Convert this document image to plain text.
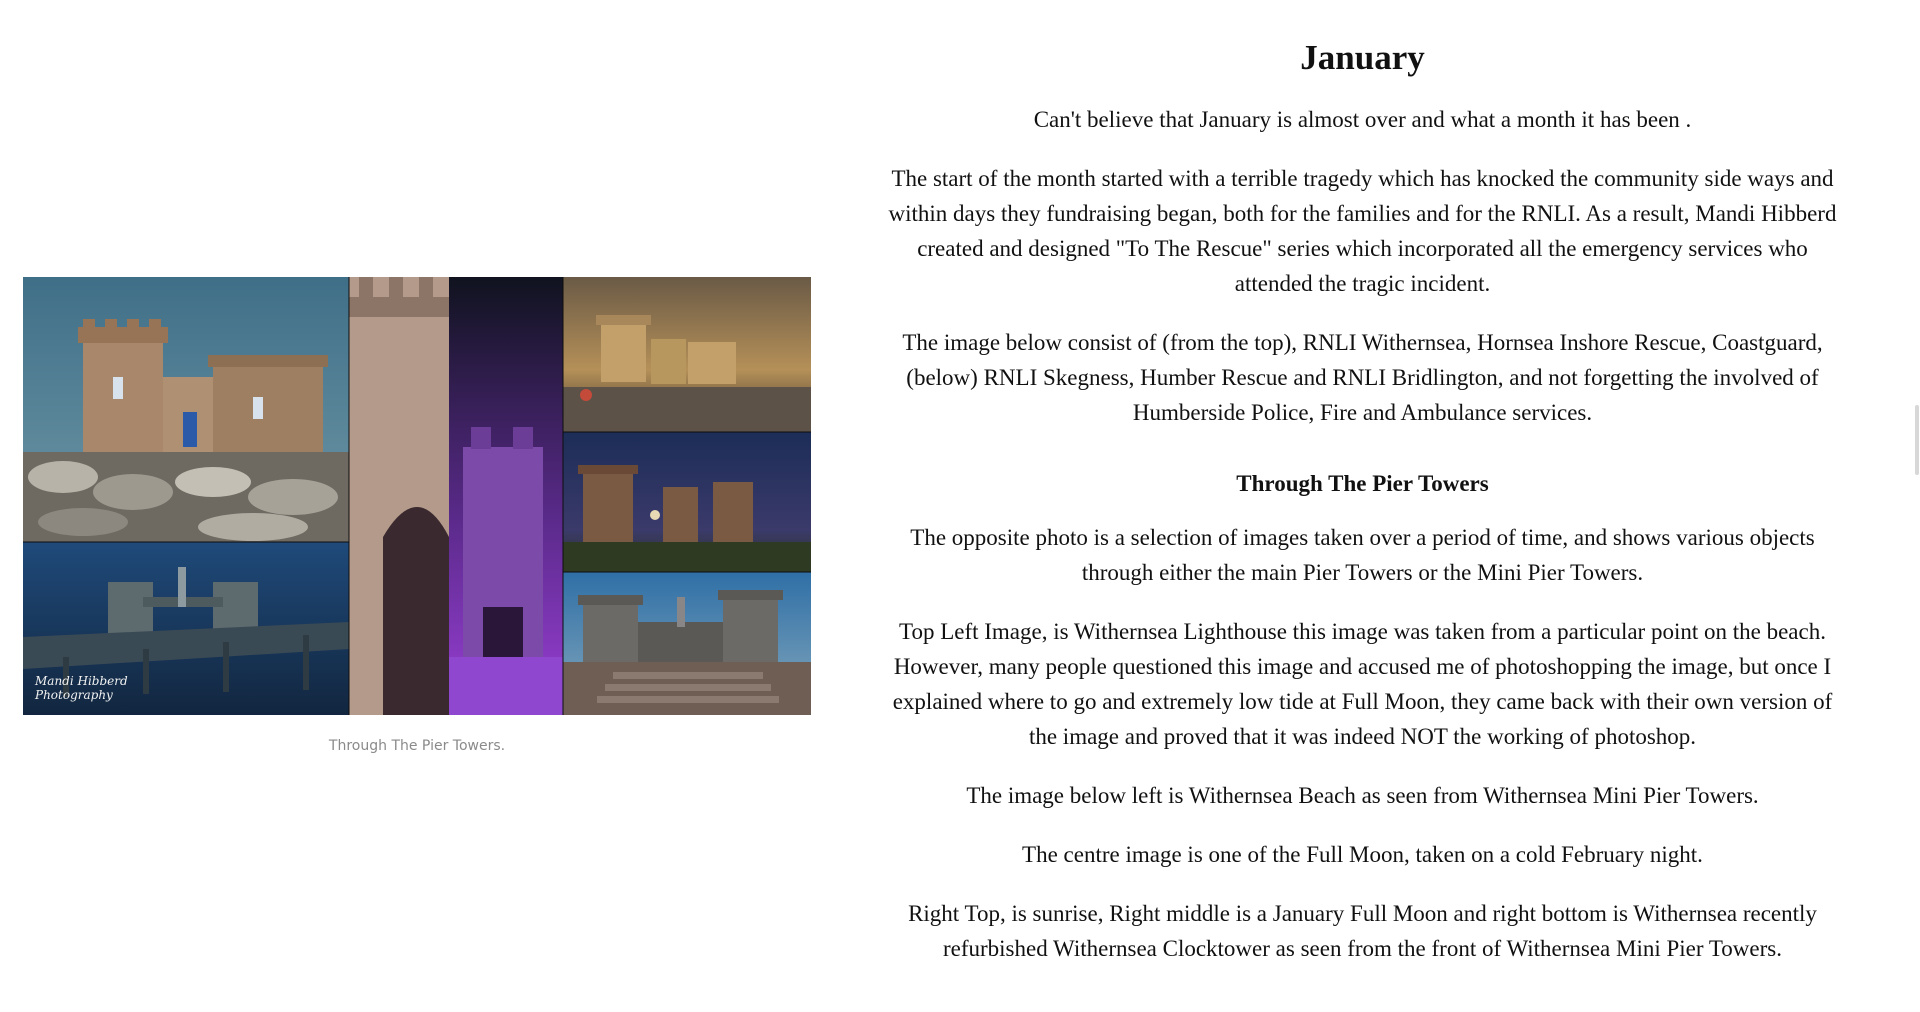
Mandi Hibberd
Photography
Through The Pier Towers.
January

Can't believe that January is almost over and what a month it has been .

The start of the month started with a terrible tragedy which has knocked the community side ways and within days they fundraising began, both for the families and for the RNLI. As a result, Mandi Hibberd created and designed "To The Rescue" series which incorporated all the emergency services who attended the tragic incident.

The image below consist of (from the top), RNLI Withernsea, Hornsea Inshore Rescue, Coastguard, (below) RNLI Skegness, Humber Rescue and RNLI Bridlington, and not forgetting the involved of Humberside Police, Fire and Ambulance services.

Through The Pier Towers

The opposite photo is a selection of images taken over a period of time, and shows various objects through either the main Pier Towers or the Mini Pier Towers.

Top Left Image, is Withernsea Lighthouse this image was taken from a particular point on the beach. However, many people questioned this image and accused me of photoshopping the image, but once I explained where to go and extremely low tide at Full Moon, they came back with their own version of the image and proved that it was indeed NOT the working of photoshop.

The image below left is Withernsea Beach as seen from Withernsea Mini Pier Towers.

The centre image is one of the Full Moon, taken on a cold February night.

Right Top, is sunrise, Right middle is a January Full Moon and right bottom is Withernsea recently refurbished Withernsea Clocktower as seen from the front of Withernsea Mini Pier Towers.
